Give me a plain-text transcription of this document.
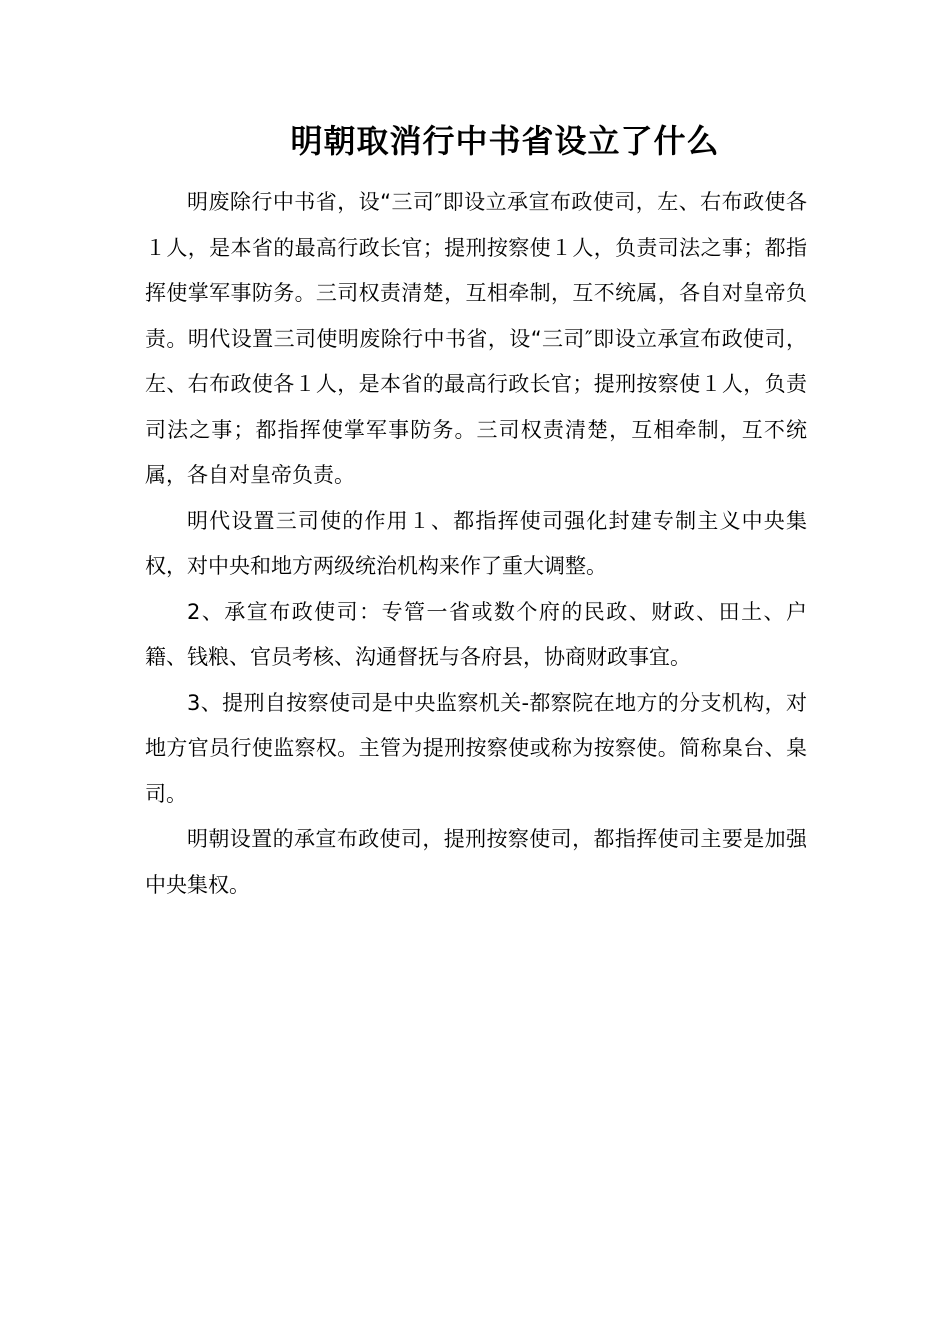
明朝取消行中书省设立了什么

明废除行中书省，设“三司″即设立承宣布政使司，左、右布政使各１人，是本省的最高行政长官；提刑按察使１人，负责司法之事；都指挥使掌军事防务。三司权责清楚，互相牵制，互不统属，各自对皇帝负责。明代设置三司使明废除行中书省，设“三司″即设立承宣布政使司，左、右布政使各１人，是本省的最高行政长官；提刑按察使１人，负责司法之事；都指挥使掌军事防务。三司权责清楚，互相牵制，互不统属，各自对皇帝负责。

明代设置三司使的作用１、都指挥使司强化封建专制主义中央集权，对中央和地方两级统治机构来作了重大调整。

2、承宣布政使司：专管一省或数个府的民政、财政、田土、户籍、钱粮、官员考核、沟通督抚与各府县，协商财政事宜。

3、提刑自按察使司是中央监察机关-都察院在地方的分支机构，对地方官员行使监察权。主管为提刑按察使或称为按察使。简称臬台、臬司。

明朝设置的承宣布政使司，提刑按察使司，都指挥使司主要是加强中央集权。
